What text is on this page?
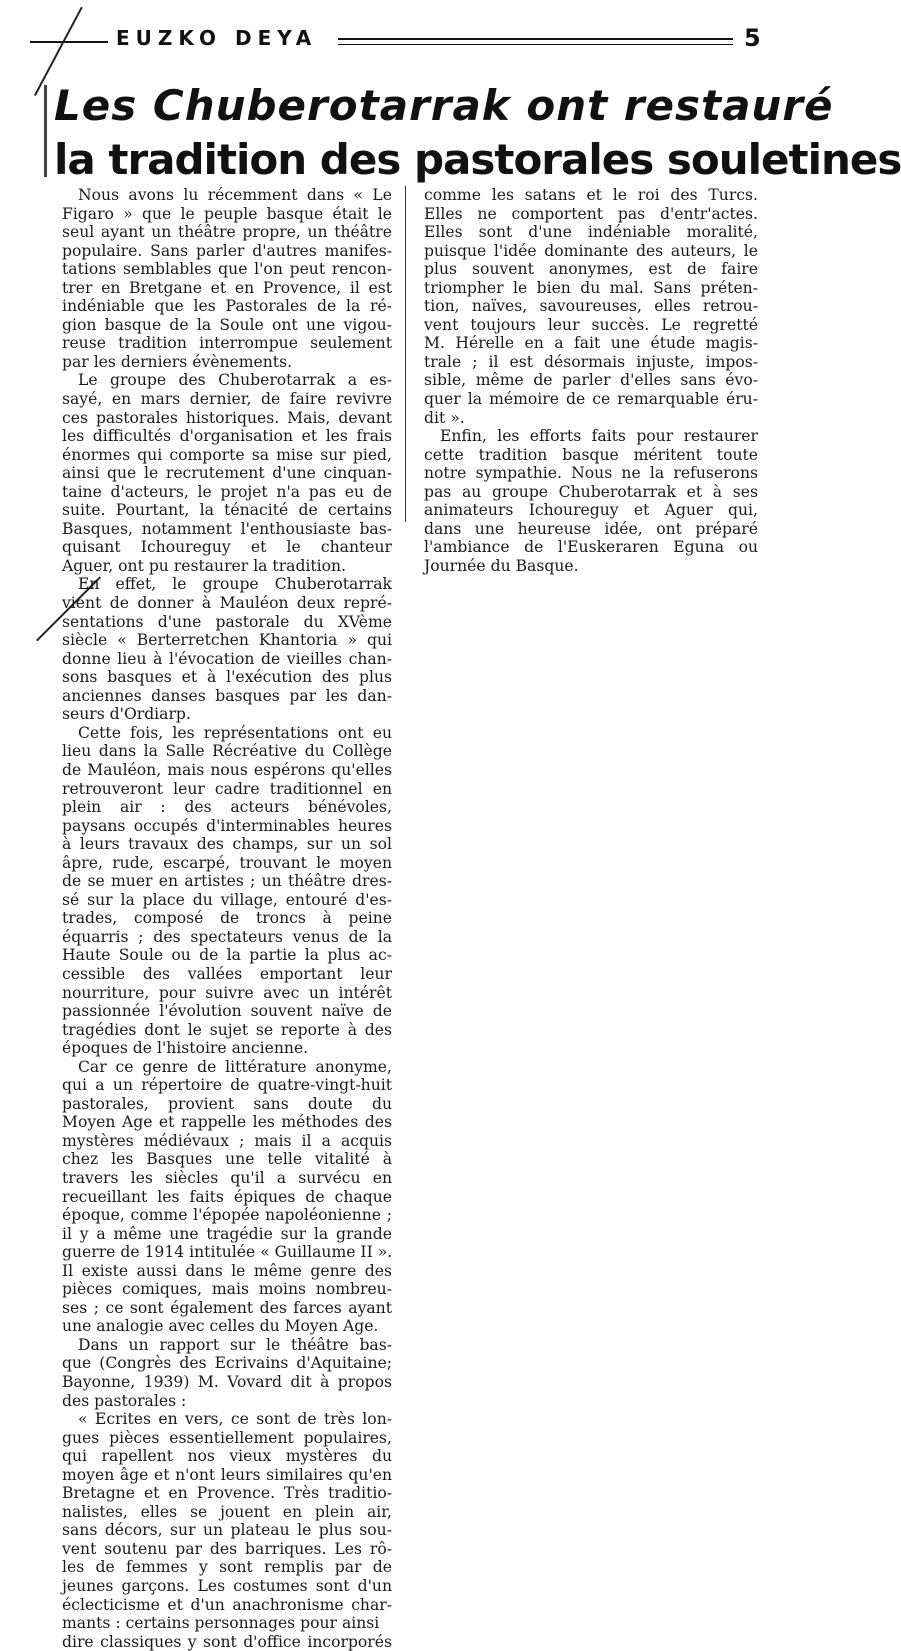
EUZKO DEYA	5
Les Chuberotarrak ont restauré
la tradition des pastorales souletines
Nous avons lu récemment dans « Le
Figaro » que le peuple basque était le
seul ayant un théâtre propre, un théâtre
populaire. Sans parler d'autres manifes-
tations semblables que l'on peut rencon-
trer en Bretgane et en Provence, il est
indéniable que les Pastorales de la ré-
gion basque de la Soule ont une vigou-
reuse tradition interrompue seulement
par les derniers évènements.
Le groupe des Chuberotarrak a es-
sayé, en mars dernier, de faire revivre
ces pastorales historiques. Mais, devant
les difficultés d'organisation et les frais
énormes qui comporte sa mise sur pied,
ainsi que le recrutement d'une cinquan-
taine d'acteurs, le projet n'a pas eu de
suite. Pourtant, la ténacité de certains
Basques, notamment l'enthousiaste bas-
quisant Ichoureguy et le chanteur
Aguer, ont pu restaurer la tradition.
En effet, le groupe Chuberotarrak
vient de donner à Mauléon deux repré-
sentations d'une pastorale du XVème
siècle « Berterretchen Khantoria » qui
donne lieu à l'évocation de vieilles chan-
sons basques et à l'exécution des plus
anciennes danses basques par les dan-
seurs d'Ordiarp.
Cette fois, les représentations ont eu
lieu dans la Salle Récréative du Collège
de Mauléon, mais nous espérons qu'elles
retrouveront leur cadre traditionnel en
plein air : des acteurs bénévoles,
paysans occupés d'interminables heures
à leurs travaux des champs, sur un sol
âpre, rude, escarpé, trouvant le moyen
de se muer en artistes ; un théâtre dres-
sé sur la place du village, entouré d'es-
trades, composé de troncs à peine
équarris ; des spectateurs venus de la
Haute Soule ou de la partie la plus ac-
cessible des vallées emportant leur
nourriture, pour suivre avec un intérêt
passionnée l'évolution souvent naïve de
tragédies dont le sujet se reporte à des
époques de l'histoire ancienne.
Car ce genre de littérature anonyme,
qui a un répertoire de quatre-vingt-huit
pastorales, provient sans doute du
Moyen Age et rappelle les méthodes des
mystères médiévaux ; mais il a acquis
chez les Basques une telle vitalité à
travers les siècles qu'il a survécu en
recueillant les faits épiques de chaque
époque, comme l'épopée napoléonienne ;
il y a même une tragédie sur la grande
guerre de 1914 intitulée « Guillaume II ».
Il existe aussi dans le même genre des
pièces comiques, mais moins nombreu-
ses ; ce sont également des farces ayant
une analogie avec celles du Moyen Age.
Dans un rapport sur le théâtre bas-
que (Congrès des Ecrivains d'Aquitaine;
Bayonne, 1939) M. Vovard dit à propos
des pastorales :
« Ecrites en vers, ce sont de très lon-
gues pièces essentiellement populaires,
qui rapellent nos vieux mystères du
moyen âge et n'ont leurs similaires qu'en
Bretagne et en Provence. Très traditio-
nalistes, elles se jouent en plein air,
sans décors, sur un plateau le plus sou-
vent soutenu par des barriques. Les rô-
les de femmes y sont remplis par de
jeunes garçons. Les costumes sont d'un
éclecticisme et d'un anachronisme char-
mants : certains personnages pour ainsi
dire classiques y sont d'office incorporés
comme les satans et le roi des Turcs.
Elles ne comportent pas d'entr'actes.
Elles sont d'une indéniable moralité,
puisque l'idée dominante des auteurs, le
plus souvent anonymes, est de faire
triompher le bien du mal. Sans préten-
tion, naïves, savoureuses, elles retrou-
vent toujours leur succès. Le regretté
M. Hérelle en a fait une étude magis-
trale ; il est désormais injuste, impos-
sible, même de parler d'elles sans évo-
quer la mémoire de ce remarquable éru-
dit ».
Enfin, les efforts faits pour restaurer
cette tradition basque méritent toute
notre sympathie. Nous ne la refuserons
pas au groupe Chuberotarrak et à ses
animateurs Ichoureguy et Aguer qui,
dans une heureuse idée, ont préparé
l'ambiance de l'Euskeraren Eguna ou
Journée du Basque.
